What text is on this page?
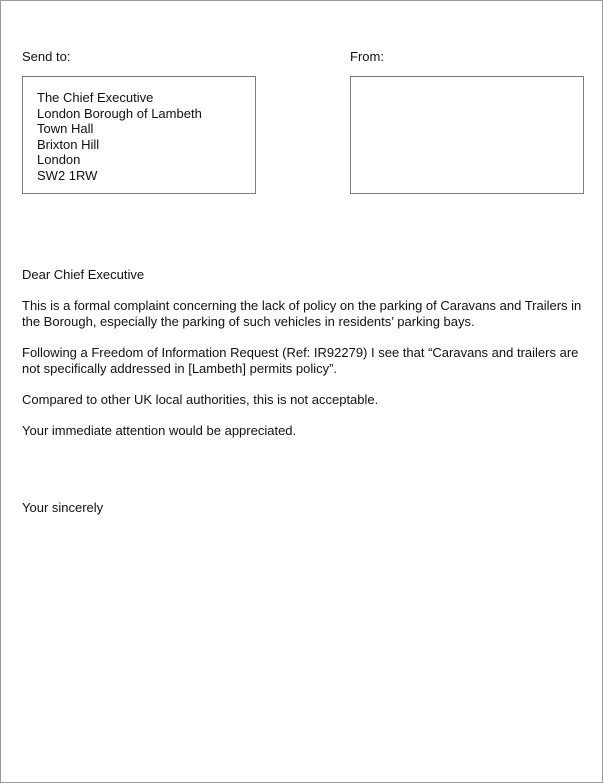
Send to:
The Chief Executive
London Borough of Lambeth
Town Hall
Brixton Hill
London
SW2 1RW
From:

Dear Chief Executive

This is a formal complaint concerning the lack of policy on the parking of Caravans and Trailers in the Borough, especially the parking of such vehicles in residents’ parking bays.

Following a Freedom of Information Request (Ref: IR92279) I see that “Caravans and trailers are not specifically addressed in [Lambeth] permits policy”.

Compared to other UK local authorities, this is not acceptable.

Your immediate attention would be appreciated.

Your sincerely
